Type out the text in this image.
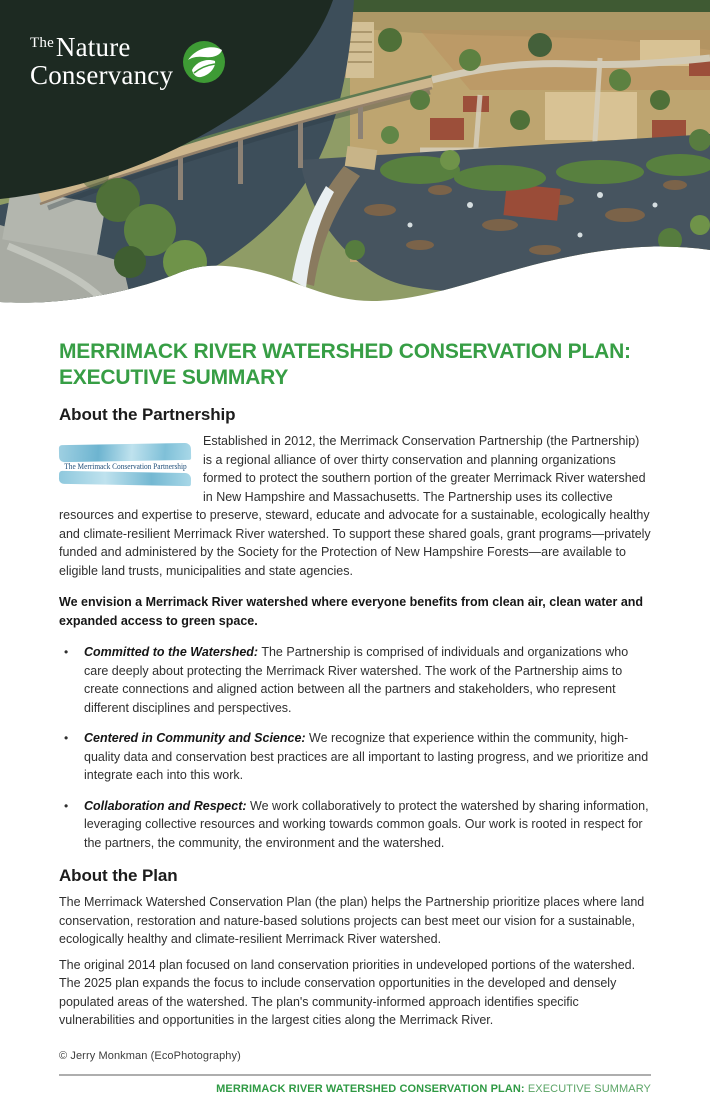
The Nature
Conservancy
MERRIMACK RIVER WATERSHED CONSERVATION PLAN:
EXECUTIVE SUMMARY
About the Partnership

The Merrimack Conservation Partnership
Established in 2012, the Merrimack Conservation Partnership (the Partnership) is a regional alliance of over thirty conservation and planning organizations formed to protect the southern portion of the greater Merrimack River watershed in New Hampshire and Massachusetts. The Partnership uses its collective resources and expertise to preserve, steward, educate and advocate for a sustainable, ecologically healthy and climate-resilient Merrimack River watershed. To support these shared goals, grant programs—privately funded and administered by the Society for the Protection of New Hampshire Forests—are available to eligible land trusts, municipalities and state agencies.

We envision a Merrimack River watershed where everyone benefits from clean air, clean water and expanded access to green space.

• Committed to the Watershed: The Partnership is comprised of individuals and organizations who care deeply about protecting the Merrimack River watershed. The work of the Partnership aims to create connections and aligned action between all the partners and stakeholders, who represent different disciplines and perspectives.
• Centered in Community and Science: We recognize that experience within the community, high-quality data and conservation best practices are all important to lasting progress, and we prioritize and integrate each into this work.
• Collaboration and Respect: We work collaboratively to protect the watershed by sharing information, leveraging collective resources and working towards common goals. Our work is rooted in respect for the partners, the community, the environment and the watershed.
About the Plan

The Merrimack Watershed Conservation Plan (the plan) helps the Partnership prioritize places where land conservation, restoration and nature-based solutions projects can best meet our vision for a sustainable, ecologically healthy and climate-resilient Merrimack River watershed.

The original 2014 plan focused on land conservation priorities in undeveloped portions of the watershed. The 2025 plan expands the focus to include conservation opportunities in the developed and densely populated areas of the watershed. The plan's community-informed approach identifies specific vulnerabilities and opportunities in the largest cities along the Merrimack River.

© Jerry Monkman (EcoPhotography)

MERRIMACK RIVER WATERSHED CONSERVATION PLAN: EXECUTIVE SUMMARY
